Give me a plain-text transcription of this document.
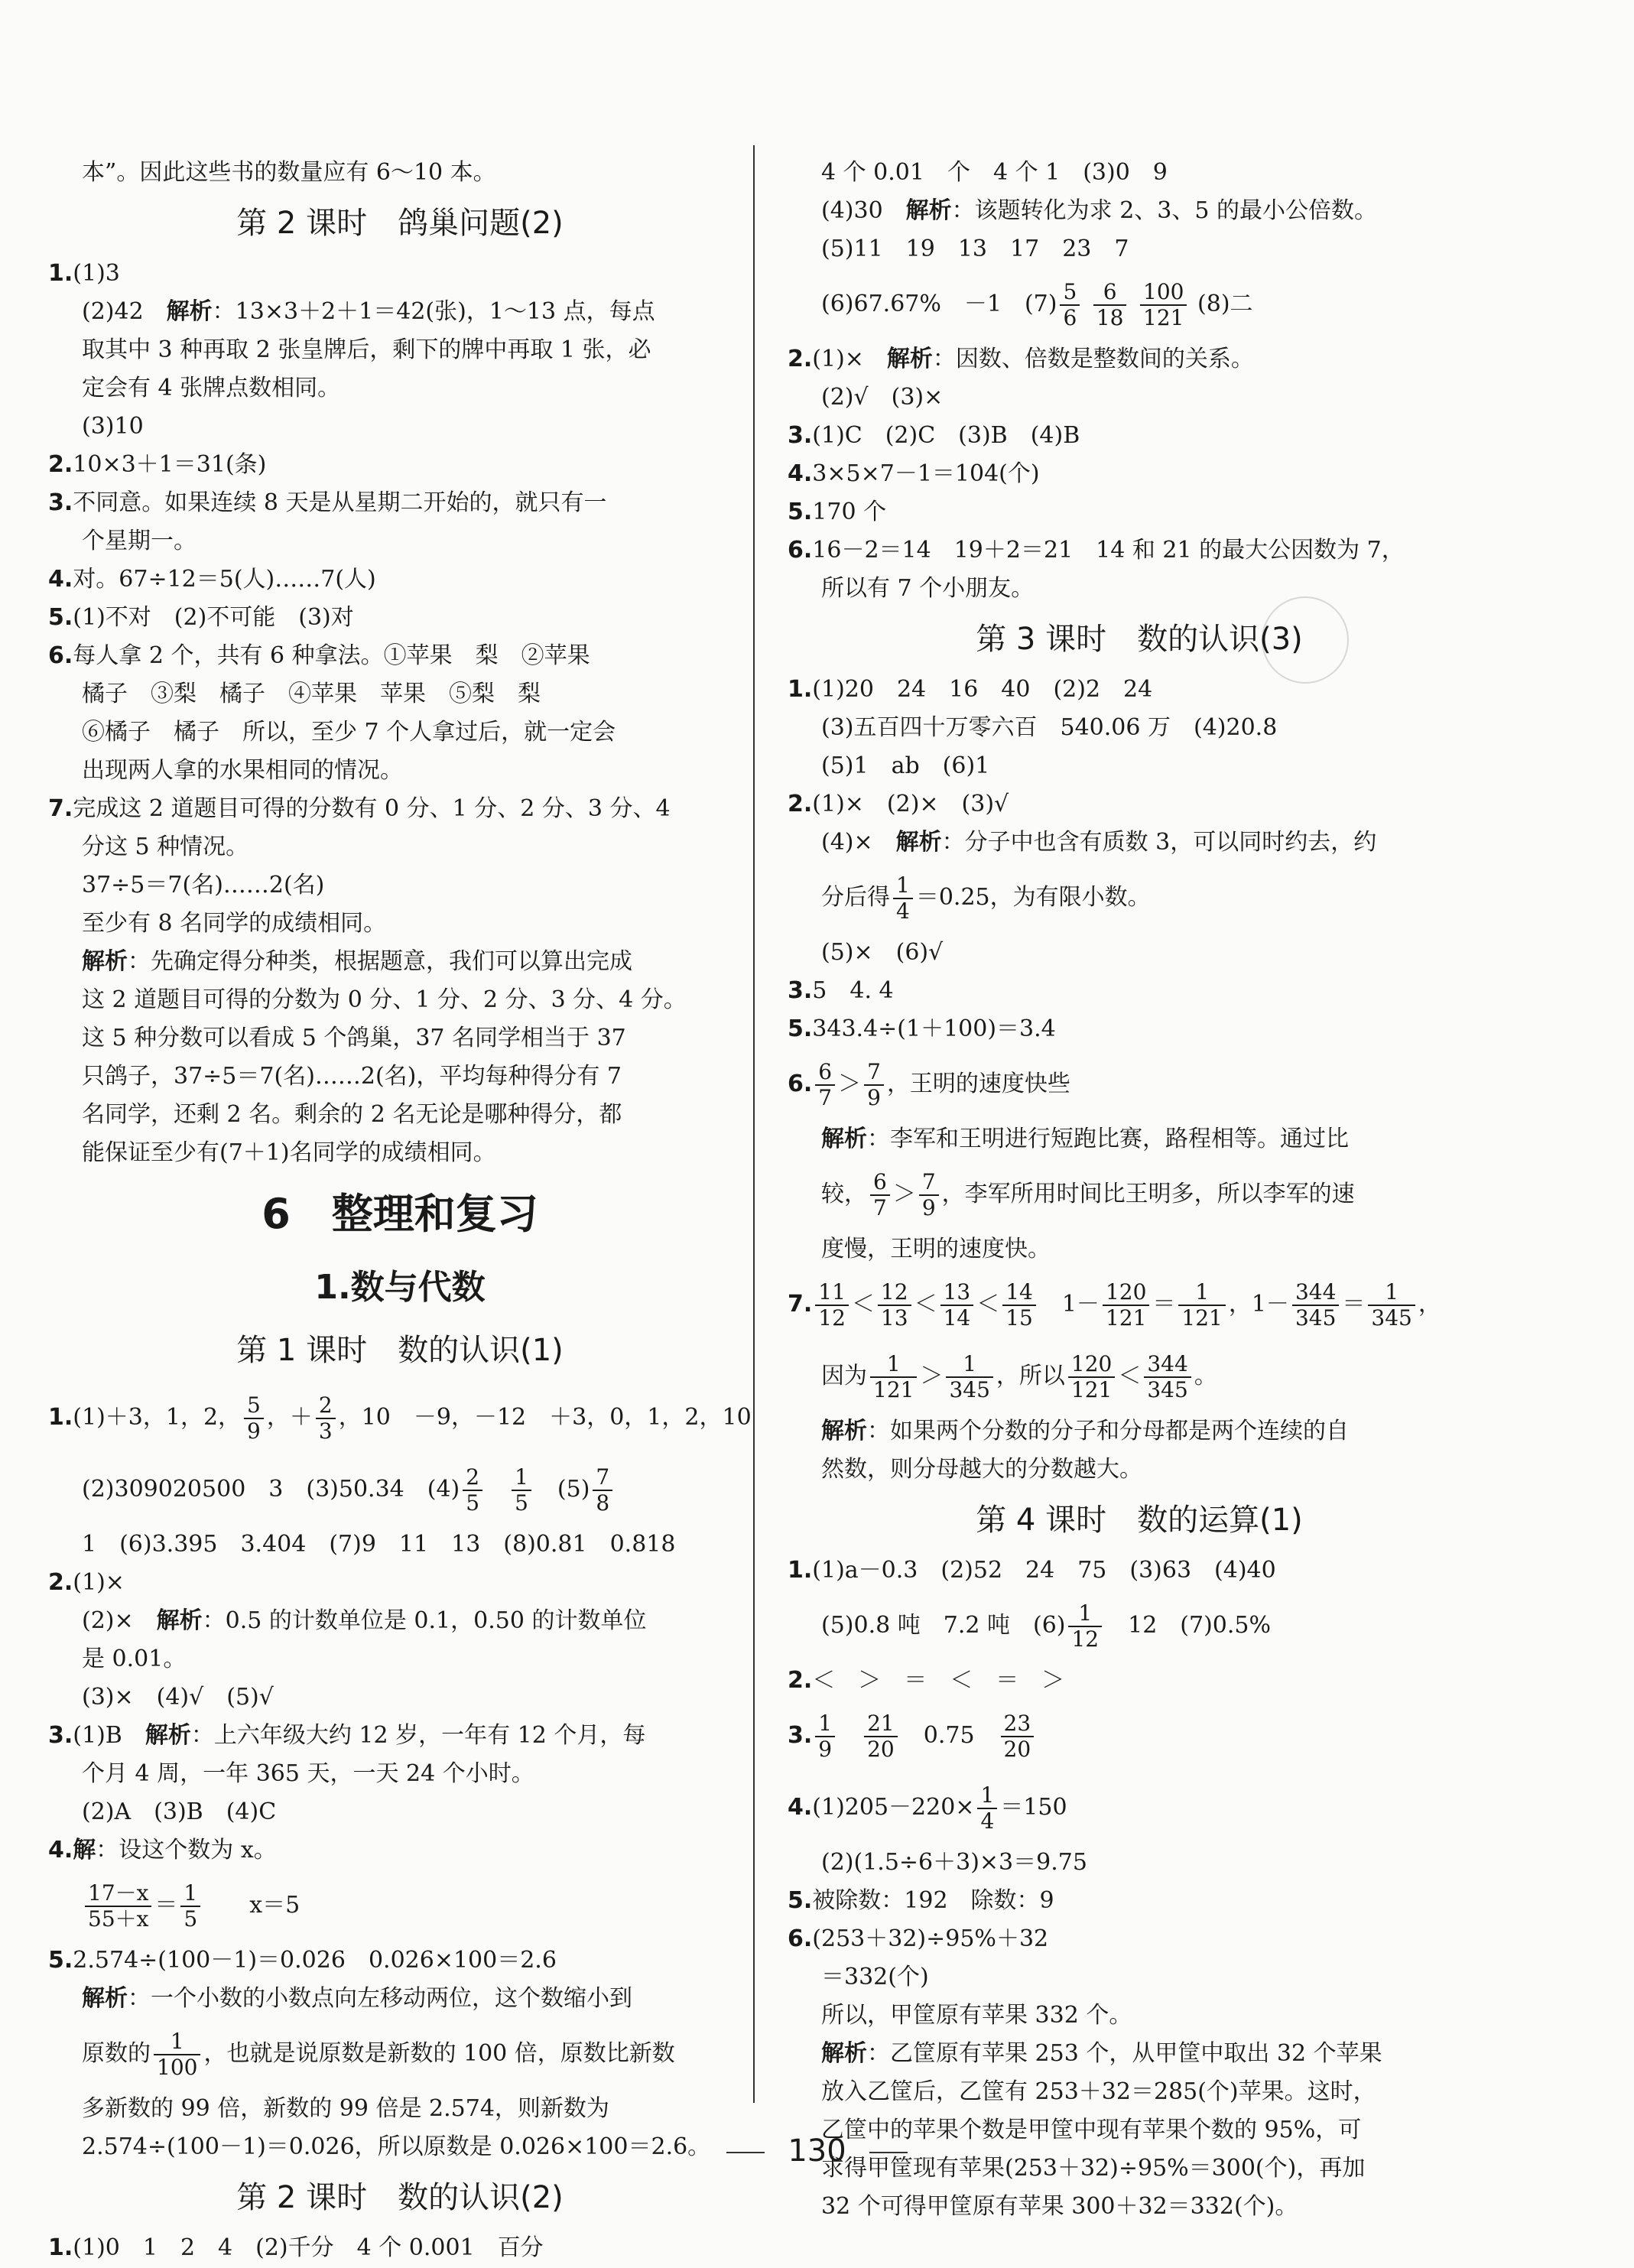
本”。因此这些书的数量应有 6～10 本。
第 2 课时　鸽巢问题(2)
1.(1)3
(2)42　解析：13×3＋2＋1＝42(张)，1～13 点，每点
取其中 3 种再取 2 张皇牌后，剩下的牌中再取 1 张，必
定会有 4 张牌点数相同。
(3)10
2.10×3＋1＝31(条)
3.不同意。如果连续 8 天是从星期二开始的，就只有一
个星期一。
4.对。67÷12＝5(人)……7(人)
5.(1)不对　(2)不可能　(3)对
6.每人拿 2 个，共有 6 种拿法。①苹果　梨　②苹果
橘子　③梨　橘子　④苹果　苹果　⑤梨　梨
⑥橘子　橘子　所以，至少 7 个人拿过后，就一定会
出现两人拿的水果相同的情况。
7.完成这 2 道题目可得的分数有 0 分、1 分、2 分、3 分、4
分这 5 种情况。
37÷5＝7(名)……2(名)
至少有 8 名同学的成绩相同。
解析：先确定得分种类，根据题意，我们可以算出完成
这 2 道题目可得的分数为 0 分、1 分、2 分、3 分、4 分。
这 5 种分数可以看成 5 个鸽巢，37 名同学相当于 37
只鸽子，37÷5＝7(名)……2(名)，平均每种得分有 7
名同学，还剩 2 名。剩余的 2 名无论是哪种得分，都
能保证至少有(7＋1)名同学的成绩相同。
6　整理和复习
1.数与代数
第 1 课时　数的认识(1)
1.(1)＋3，1，2， $\frac{5}{9}$ ，＋ $\frac{2}{3}$ ，10　－9，－12　＋3，0，1，2，10
(2)309020500　3　(3)50.34　$(4) \frac{2}{5}$
　 $\frac{1}{5}$
　 $(5) \frac{7}{8}$
1　(6)3.395　3.404　(7)9　11　13　(8)0.81　0.818
2.(1)×
(2)×　解析：0.5 的计数单位是 0.1，0.50 的计数单位
是 0.01。
(3)×　(4)√　(5)√
3.(1)B　解析：上六年级大约 12 岁，一年有 12 个月，每
个月 4 周，一年 365 天，一天 24 个小时。
(2)A　(3)B　(4)C
4.解：设这个数为 x。
$\frac{17-x}{55+x} = \frac{1}{5}$
　　 x＝5
5.2.574÷(100－1)＝0.026　0.026×100＝2.6
解析：一个小数的小数点向左移动两位，这个数缩小到
原数的 $\frac{1}{100}$ ，也就是说原数是新数的 100 倍，原数比新数
多新数的 99 倍，新数的 99 倍是 2.574，则新数为
2.574÷(100－1)＝0.026，所以原数是 0.026×100＝2.6。
第 2 课时　数的认识(2)
1.(1)0　1　2　4　(2)千分　4 个 0.001　百分
4 个 0.01　个　4 个 1　(3)0　9
(4)30　解析：该题转化为求 2、3、5 的最小公倍数。
(5)11　19　13　17　23　7
(6)67.67%　－1　$(7) \frac{5}{6}$
$\frac{6}{18}$
$\frac{100}{121} (8)$二
2.(1)×　解析：因数、倍数是整数间的关系。
(2)√　(3)×
3.(1)C　(2)C　(3)B　(4)B
4.3×5×7－1＝104(个)
5.170 个
6.16－2＝14　19＋2＝21　14 和 21 的最大公因数为 7，
所以有 7 个小朋友。
第 3 课时　数的认识(3)
1.(1)20　24　16　40　(2)2　24
(3)五百四十万零六百　540.06 万　(4)20.8
(5)1　ab　(6)1
2.(1)×　(2)×　(3)√
(4)×　解析：分子中也含有质数 3，可以同时约去，约
分后得 $\frac{1}{4} =0.25$，为有限小数。
(5)×　(6)√
3.5　4. 4
5.343.4÷(1＋100)＝3.4
6. $\frac{6}{7} > \frac{7}{9}$ ，王明的速度快些
解析：李军和王明进行短跑比赛，路程相等。通过比
较， $\frac{6}{7} > \frac{7}{9}$ ，李军所用时间比王明多，所以李军的速
度慢，王明的速度快。
7. $\frac{11}{12} < \frac{12}{13} < \frac{13}{14} < \frac{14}{15}$
　 $1- \frac{120}{121} = \frac{1}{121}$ ，$1- \frac{344}{345} = \frac{1}{345}$ ，
因为 $\frac{1}{121} > \frac{1}{345}$ ，所以 $\frac{120}{121} < \frac{344}{345}$ 。
解析：如果两个分数的分子和分母都是两个连续的自
然数，则分母越大的分数越大。
第 4 课时　数的运算(1)
1.(1)a－0.3　(2)52　24　75　(3)63　(4)40
(5)0.8 吨　7.2 吨　$(6) \frac{1}{12}$
　 12　(7)0.5%
2.＜　＞　＝　＜　＝　＞
3. $\frac{1}{9}$
　 $\frac{21}{20}$
　 0.75　 $\frac{23}{20}$
$4.(1)205-220\times \frac{1}{4} =150$
(2)(1.5÷6＋3)×3＝9.75
5.被除数：192　除数：9
6.(253＋32)÷95%＋32
＝332(个)
所以，甲筐原有苹果 332 个。
解析：乙筐原有苹果 253 个，从甲筐中取出 32 个苹果
放入乙筐后，乙筐有 253＋32＝285(个)苹果。这时，
乙筐中的苹果个数是甲筐中现有苹果个数的 95%，可
求得甲筐现有苹果(253＋32)÷95%＝300(个)，再加
32 个可得甲筐原有苹果 300＋32＝332(个)。
130
